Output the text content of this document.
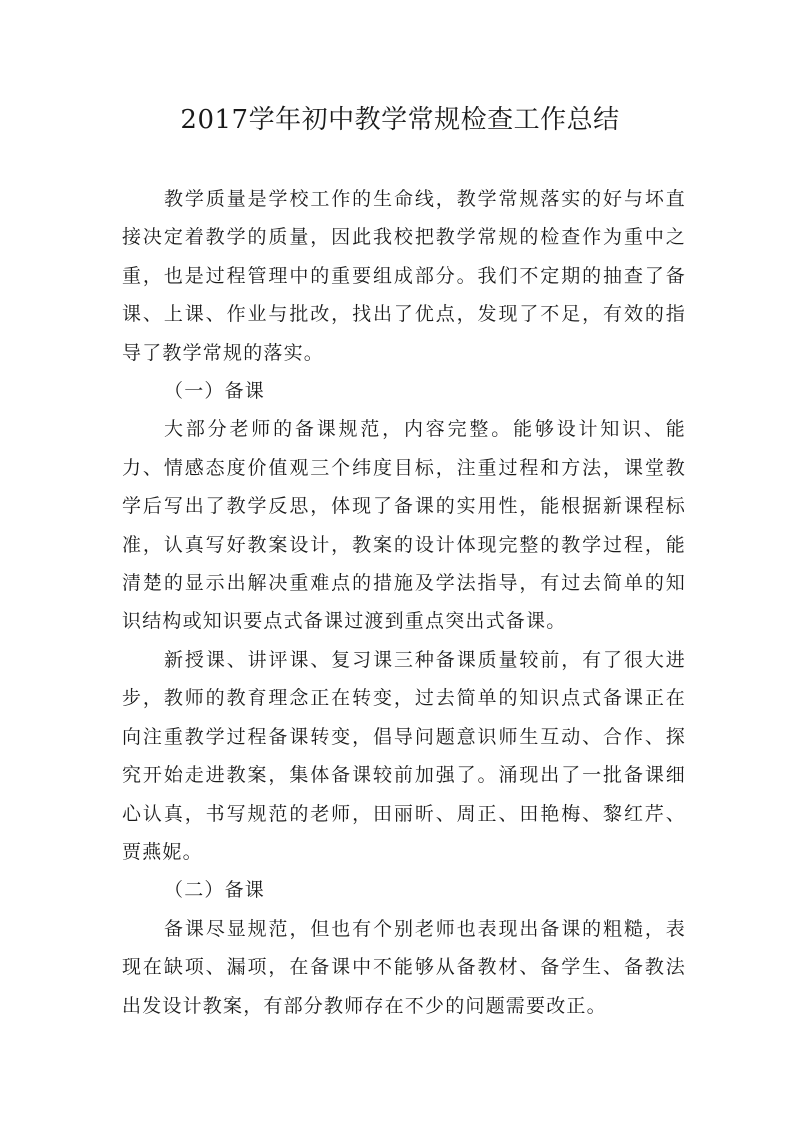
2017学年初中教学常规检查工作总结

教学质量是学校工作的生命线，教学常规落实的好与坏直接决定着教学的质量，因此我校把教学常规的检查作为重中之重，也是过程管理中的重要组成部分。我们不定期的抽查了备课、上课、作业与批改，找出了优点，发现了不足，有效的指导了教学常规的落实。

（一）备课

大部分老师的备课规范，内容完整。能够设计知识、能力、情感态度价值观三个纬度目标，注重过程和方法，课堂教学后写出了教学反思，体现了备课的实用性，能根据新课程标准，认真写好教案设计，教案的设计体现完整的教学过程，能清楚的显示出解决重难点的措施及学法指导，有过去简单的知识结构或知识要点式备课过渡到重点突出式备课。

新授课、讲评课、复习课三种备课质量较前，有了很大进步，教师的教育理念正在转变，过去简单的知识点式备课正在向注重教学过程备课转变，倡导问题意识师生互动、合作、探究开始走进教案，集体备课较前加强了。涌现出了一批备课细心认真，书写规范的老师，田丽昕、周正、田艳梅、黎红芹、贾燕妮。

（二）备课

备课尽显规范，但也有个别老师也表现出备课的粗糙，表现在缺项、漏项，在备课中不能够从备教材、备学生、备教法出发设计教案，有部分教师存在不少的问题需要改正。
